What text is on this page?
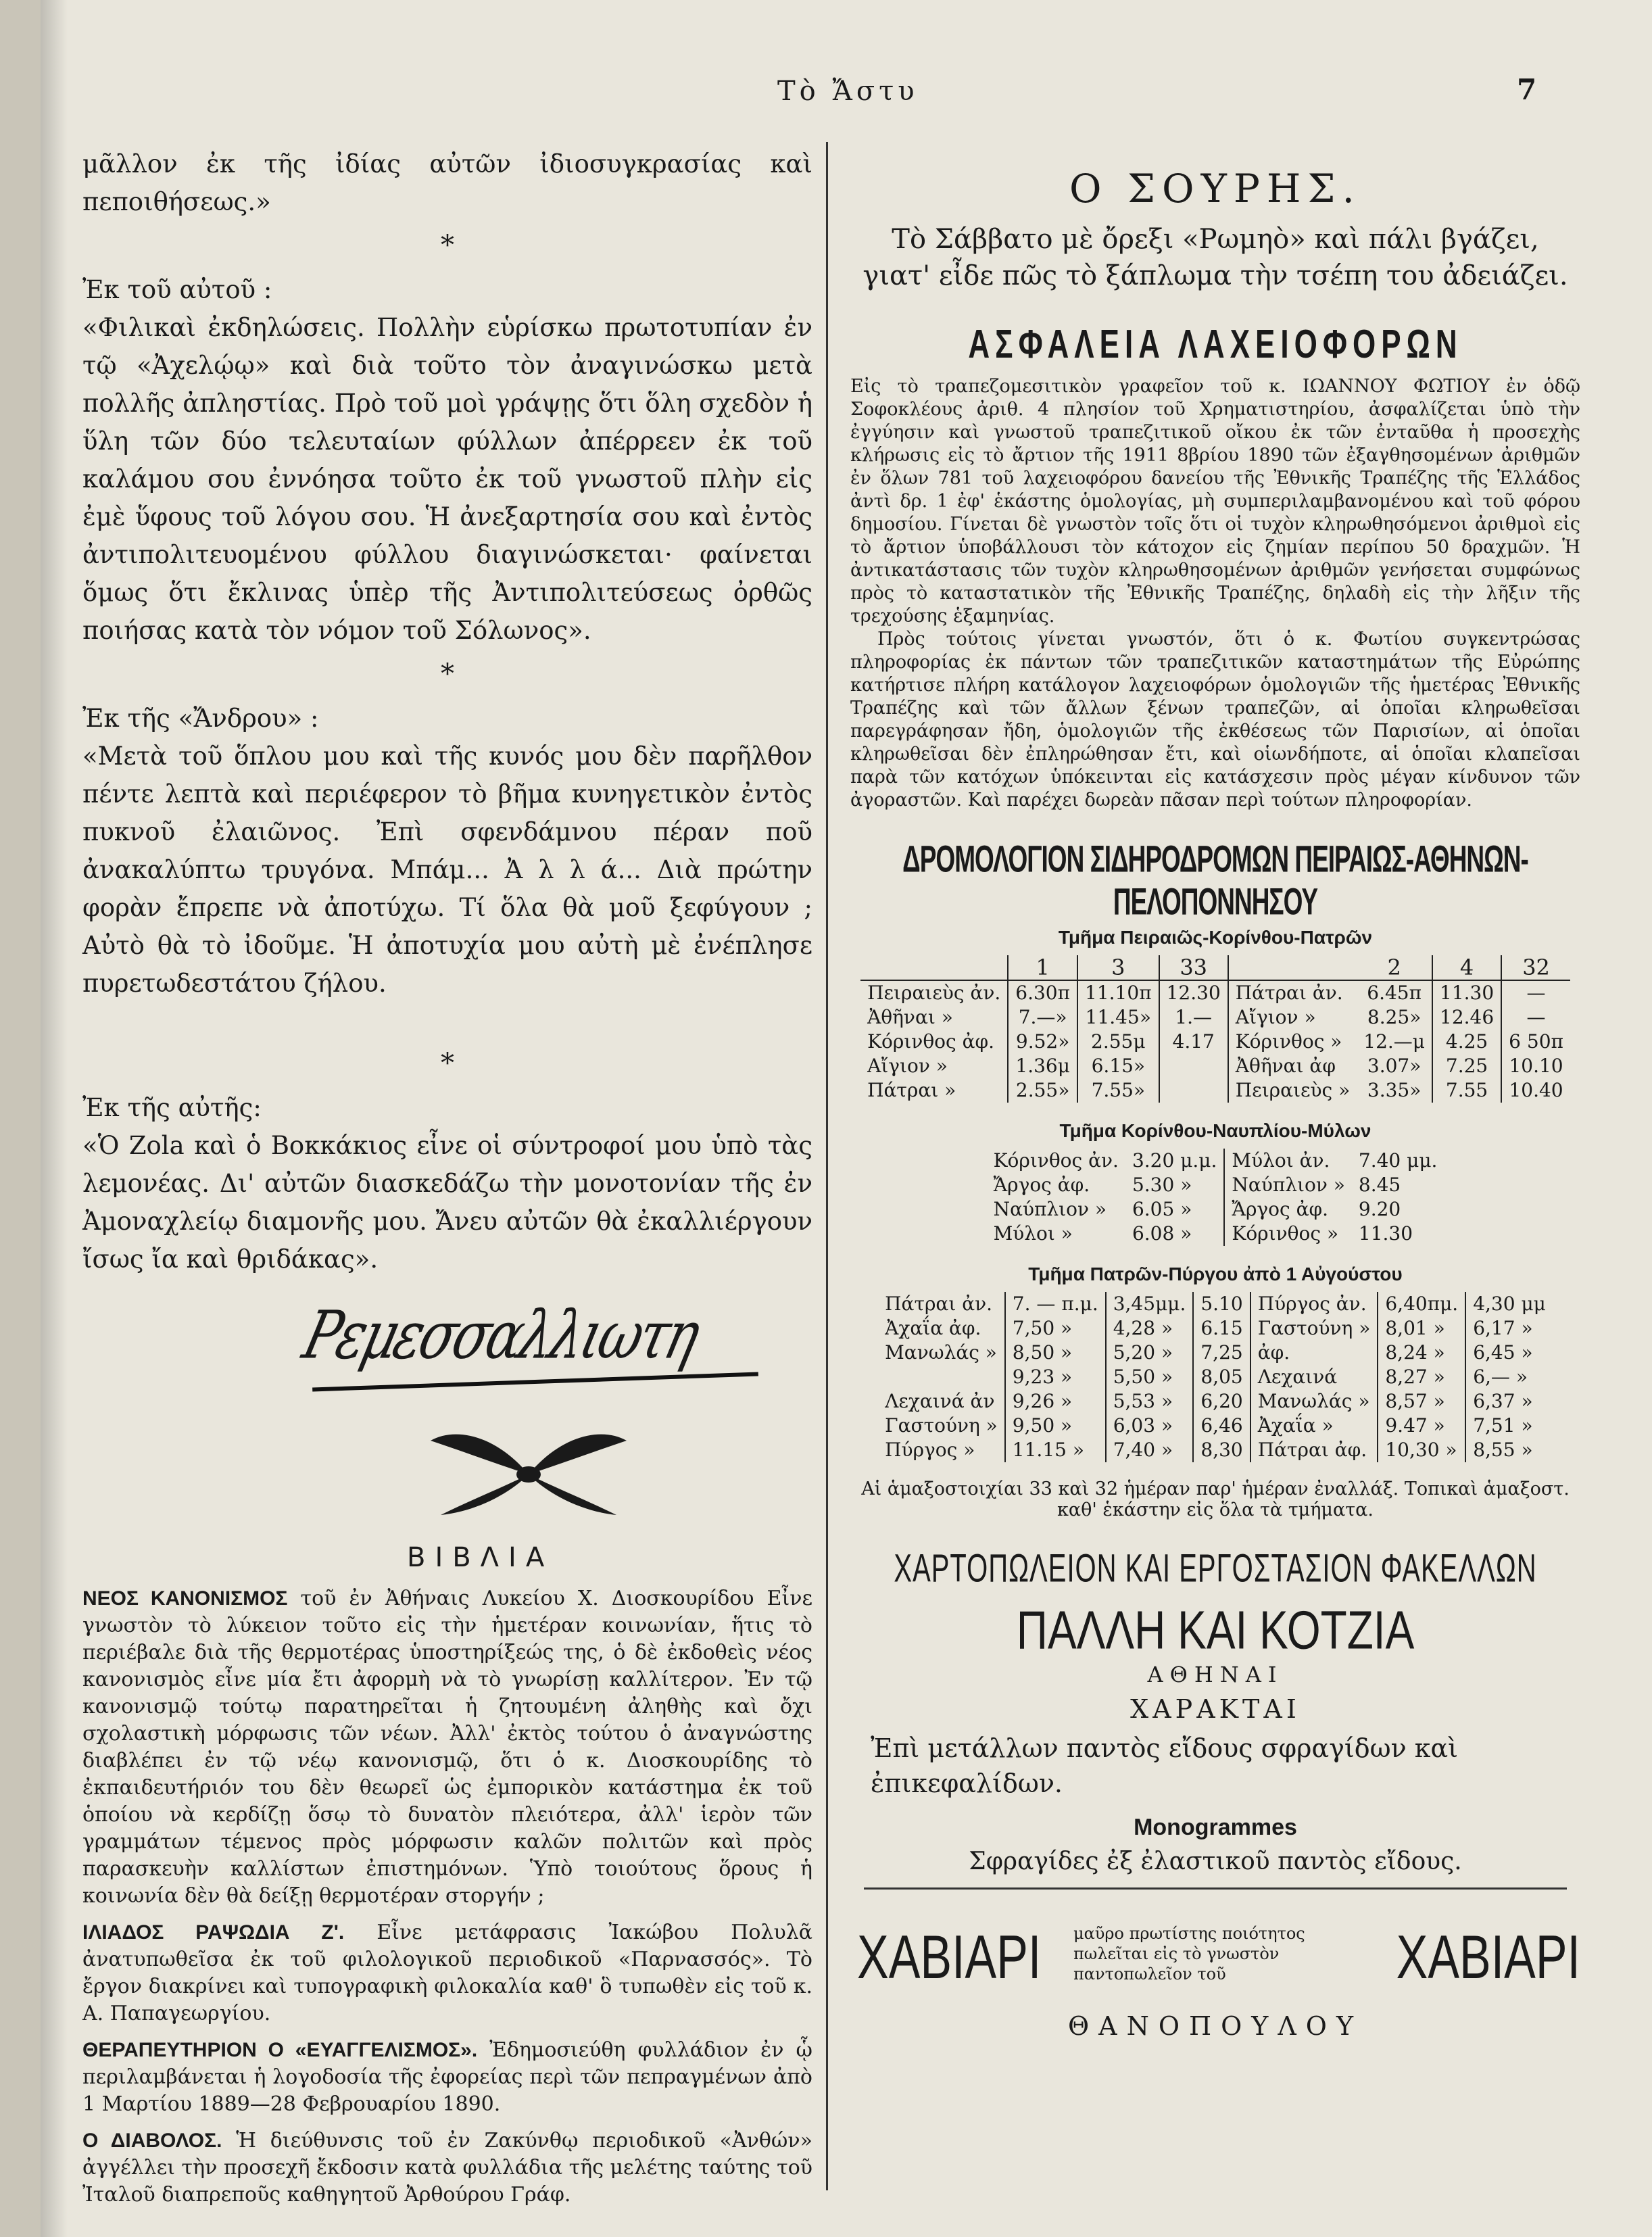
Τὸ Ἄστυ	7

μᾶλλον ἐκ τῆς ἰδίας αὐτῶν ἰδιοσυγκρασίας καὶ πεποιθήσεως.»

*

Ἐκ τοῦ αὐτοῦ :

«Φιλικαὶ ἐκδηλώσεις. Πολλὴν εὑρίσκω πρωτοτυπίαν ἐν τῷ «Ἀχελῴῳ» καὶ διὰ τοῦτο τὸν ἀναγινώσκω μετὰ πολλῆς ἀπληστίας. Πρὸ τοῦ μοὶ γράψῃς ὅτι ὅλη σχεδὸν ἡ ὕλη τῶν δύο τελευταίων φύλλων ἀπέρρεεν ἐκ τοῦ καλάμου σου ἐννόησα τοῦτο ἐκ τοῦ γνωστοῦ πλὴν εἰς ἐμὲ ὕφους τοῦ λόγου σου. Ἡ ἀνεξαρτησία σου καὶ ἐντὸς ἀντιπολιτευομένου φύλλου διαγινώσκεται· φαίνεται ὅμως ὅτι ἔκλινας ὑπὲρ τῆς Ἀντιπολιτεύσεως ὀρθῶς ποιήσας κατὰ τὸν νόμον τοῦ Σόλωνος».

*

Ἐκ τῆς «Ἄνδρου» :

«Μετὰ τοῦ ὅπλου μου καὶ τῆς κυνός μου δὲν παρῆλθον πέντε λεπτὰ καὶ περιέφερον τὸ βῆμα κυνηγετικὸν ἐντὸς πυκνοῦ ἐλαιῶνος. Ἐπὶ σφενδάμνου πέραν ποῦ ἀνακαλύπτω τρυγόνα. Μπάμ... Ἀ λ λ ά... Διὰ πρώτην φορὰν ἔπρεπε νὰ ἀποτύχω. Τί ὅλα θὰ μοῦ ξεφύγουν ; Αὐτὸ θὰ τὸ ἰδοῦμε. Ἡ ἀποτυχία μου αὐτὴ μὲ ἐνέπλησε πυρετωδεστάτου ζήλου.

*

Ἐκ τῆς αὐτῆς:

«Ὁ Zola καὶ ὁ Βοκκάκιος εἶνε οἱ σύντροφοί μου ὑπὸ τὰς λεμονέας. Δι' αὐτῶν διασκεδάζω τὴν μονοτονίαν τῆς ἐν Ἀμοναχλείῳ διαμονῆς μου. Ἄνευ αὐτῶν θὰ ἐκαλλιέργουν ἴσως ἴα καὶ θριδάκας».

Ρεμεσσαλλιωτη
ΒΙΒΛΙΑ

ΝΕΟΣ ΚΑΝΟΝΙΣΜΟΣ τοῦ ἐν Ἀθήναις Λυκείου Χ. Διοσκουρίδου Εἶνε γνωστὸν τὸ λύκειον τοῦτο εἰς τὴν ἡμετέραν κοινωνίαν, ἥτις τὸ περιέβαλε διὰ τῆς θερμοτέρας ὑποστηρίξεώς της, ὁ δὲ ἐκδοθεὶς νέος κανονισμὸς εἶνε μία ἔτι ἀφορμὴ νὰ τὸ γνωρίσῃ καλλίτερον. Ἐν τῷ κανονισμῷ τούτῳ παρατηρεῖται ἡ ζητουμένη ἀληθὴς καὶ ὄχι σχολαστικὴ μόρφωσις τῶν νέων. Ἀλλ' ἐκτὸς τούτου ὁ ἀναγνώστης διαβλέπει ἐν τῷ νέῳ κανονισμῷ, ὅτι ὁ κ. Διοσκουρίδης τὸ ἐκπαιδευτήριόν του δὲν θεωρεῖ ὡς ἐμπορικὸν κατάστημα ἐκ τοῦ ὁποίου νὰ κερδίζῃ ὅσῳ τὸ δυνατὸν πλειότερα, ἀλλ' ἱερὸν τῶν γραμμάτων τέμενος πρὸς μόρφωσιν καλῶν πολιτῶν καὶ πρὸς παρασκευὴν καλλίστων ἐπιστημόνων. Ὑπὸ τοιούτους ὅρους ἡ κοινωνία δὲν θὰ δείξῃ θερμοτέραν στοργήν ;

ΙΛΙΑΔΟΣ ΡΑΨΩΔΙΑ Ζ'. Εἶνε μετάφρασις Ἰακώβου Πολυλᾶ ἀνατυπωθεῖσα ἐκ τοῦ φιλολογικοῦ περιοδικοῦ «Παρνασσός». Τὸ ἔργον διακρίνει καὶ τυπογραφικὴ φιλοκαλία καθ' ὃ τυπωθὲν εἰς τοῦ κ. Α. Παπαγεωργίου.

ΘΕΡΑΠΕΥΤΗΡΙΟΝ Ο «ΕΥΑΓΓΕΛΙΣΜΟΣ». Ἐδημοσιεύθη φυλλάδιον ἐν ᾧ περιλαμβάνεται ἡ λογοδοσία τῆς ἐφορείας περὶ τῶν πεπραγμένων ἀπὸ 1 Μαρτίου 1889—28 Φεβρουαρίου 1890.

Ο ΔΙΑΒΟΛΟΣ. Ἡ διεύθυνσις τοῦ ἐν Ζακύνθῳ περιοδικοῦ «Ἀνθών» ἀγγέλλει τὴν προσεχῆ ἔκδοσιν κατὰ φυλλάδια τῆς μελέτης ταύτης τοῦ Ἰταλοῦ διαπρεποῦς καθηγητοῦ Ἀρθούρου Γράφ.

Ο ΣΟΥΡΗΣ.

Τὸ Σάββατο μὲ ὄρεξι «Ρωμηὸ» καὶ πάλι βγάζει,

γιατ' εἶδε πῶς τὸ ξάπλωμα τὴν τσέπη του ἀδειάζει.

ΑΣΦΑΛΕΙΑ ΛΑΧΕΙΟΦΟΡΩΝ

Εἰς τὸ τραπεζομεσιτικὸν γραφεῖον τοῦ κ. ΙΩΑΝΝΟΥ ΦΩΤΙΟΥ ἐν ὁδῷ Σοφοκλέους ἀριθ. 4 πλησίον τοῦ Χρηματιστηρίου, ἀσφαλίζεται ὑπὸ τὴν ἐγγύησιν καὶ γνωστοῦ τραπεζιτικοῦ οἴκου ἐκ τῶν ἐνταῦθα ἡ προσεχὴς κλήρωσις εἰς τὸ ἄρτιον τῆς 1911 8βρίου 1890 τῶν ἐξαγθησομένων ἀριθμῶν ἐν ὅλων 781 τοῦ λαχειοφόρου δανείου τῆς Ἐθνικῆς Τραπέζης τῆς Ἑλλάδος ἀντὶ δρ. 1 ἐφ' ἑκάστης ὁμολογίας, μὴ συμπεριλαμβανομένου καὶ τοῦ φόρου δημοσίου. Γίνεται δὲ γνωστὸν τοῖς ὅτι οἱ τυχὸν κληρωθησόμενοι ἀριθμοὶ εἰς τὸ ἄρτιον ὑποβάλλουσι τὸν κάτοχον εἰς ζημίαν περίπου 50 δραχμῶν. Ἡ ἀντικατάστασις τῶν τυχὸν κληρωθησομένων ἀριθμῶν γενήσεται συμφώνως πρὸς τὸ καταστατικὸν τῆς Ἐθνικῆς Τραπέζης, δηλαδὴ εἰς τὴν λῆξιν τῆς τρεχούσης ἑξαμηνίας.

Πρὸς τούτοις γίνεται γνωστόν, ὅτι ὁ κ. Φωτίου συγκεντρώσας πληροφορίας ἐκ πάντων τῶν τραπεζιτικῶν καταστημάτων τῆς Εὐρώπης κατήρτισε πλήρη κατάλογον λαχειοφόρων ὁμολογιῶν τῆς ἡμετέρας Ἐθνικῆς Τραπέζης καὶ τῶν ἄλλων ξένων τραπεζῶν, αἱ ὁποῖαι κληρωθεῖσαι παρεγράφησαν ἤδη, ὁμολογιῶν τῆς ἐκθέσεως τῶν Παρισίων, αἱ ὁποῖαι κληρωθεῖσαι δὲν ἐπληρώθησαν ἔτι, καὶ οἱωνδήποτε, αἱ ὁποῖαι κλαπεῖσαι παρὰ τῶν κατόχων ὑπόκεινται εἰς κατάσχεσιν πρὸς μέγαν κίνδυνον τῶν ἀγοραστῶν. Καὶ παρέχει δωρεὰν πᾶσαν περὶ τούτων πληροφορίαν.

ΔΡΟΜΟΛΟΓΙΟΝ ΣΙΔΗΡΟΔΡΟΜΩΝ ΠΕΙΡΑΙΩΣ-ΑΘΗΝΩΝ-ΠΕΛΟΠΟΝΝΗΣΟΥ
Τμῆμα Πειραιῶς-Κορίνθου-Πατρῶν
	1	3	33		2	4	32
Πειραιεὺς ἀν.	6.30π	11.10π	12.30	Πάτραι ἀν.	6.45π	11.30	—
Ἀθῆναι »	7.—»	11.45»	1.—	Αἴγιον »	8.25»	12.46	—
Κόρινθος ἀφ.	9.52»	2.55μ	4.17	Κόρινθος »	12.—μ	4.25	6 50π
Αἴγιον »	1.36μ	6.15»		Ἀθῆναι ἀφ	3.07»	7.25	10.10
Πάτραι »	2.55»	7.55»		Πειραιεὺς »	3.35»	7.55	10.40
Τμῆμα Κορίνθου-Ναυπλίου-Μύλων
Κόρινθος ἀν.	3.20 μ.μ.	Μύλοι ἀν.	7.40 μμ.
Ἄργος ἀφ.	5.30 »	Ναύπλιον »	8.45
Ναύπλιον »	6.05 »	Ἄργος ἀφ.	9.20
Μύλοι »	6.08 »	Κόρινθος »	11.30
Τμῆμα Πατρῶν-Πύργου ἀπὸ 1 Αὐγούστου
Πάτραι ἀν.	7. — π.μ.	3,45μμ.	5.10	Πύργος ἀν.	6,40πμ.	4,30 μμ
Ἀχαΐα ἀφ.	7,50 »	4,28 »	6.15	Γαστούνη »	8,01 »	6,17 »
Μανωλάς »	8,50 »	5,20 »	7,25	ἀφ.	8,24 »	6,45 »
	9,23 »	5,50 »	8,05	Λεχαινά	8,27 »	6,— »
Λεχαινά ἀν	9,26 »	5,53 »	6,20	Μανωλάς »	8,57 »	6,37 »
Γαστούνη »	9,50 »	6,03 »	6,46	Ἀχαΐα »	9.47 »	7,51 »
Πύργος »	11.15 »	7,40 »	8,30	Πάτραι ἀφ.	10,30 »	8,55 »

Αἱ ἁμαξοστοιχίαι 33 καὶ 32 ἡμέραν παρ' ἡμέραν ἐναλλάξ. Τοπικαὶ ἁμαξοστ. καθ' ἑκάστην εἰς ὅλα τὰ τμήματα.

ΧΑΡΤΟΠΩΛΕΙΟΝ ΚΑΙ ΕΡΓΟΣΤΑΣΙΟΝ ΦΑΚΕΛΛΩΝ
ΠΑΛΛΗ ΚΑΙ ΚΟΤΖΙΑ
ΑΘΗΝΑΙ
ΧΑΡΑΚΤΑΙ
Ἐπὶ μετάλλων παντὸς εἴδους σφραγίδων καὶ ἐπικεφαλίδων.
Monogrammes
Σφραγίδες ἐξ ἐλαστικοῦ παντὸς εἴδους.
ΧΑΒΙΑΡΙ μαῦρο πρωτίστης ποιότητος πωλεῖται εἰς τὸ γνωστὸν παντοπωλεῖον τοῦ	ΧΑΒΙΑΡΙ
ΘΑΝΟΠΟΥΛΟΥ
